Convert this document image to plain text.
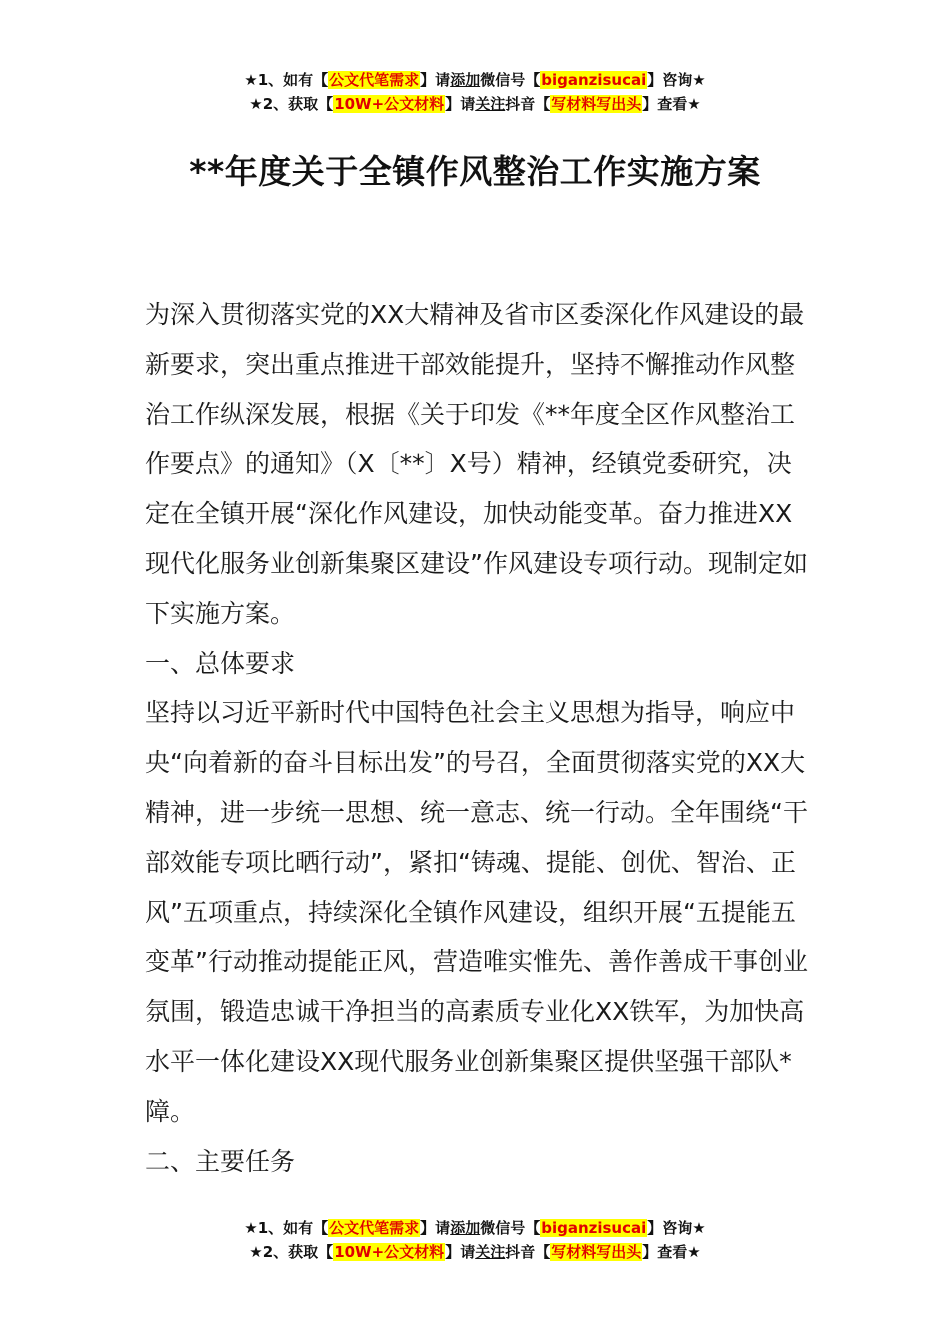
★1、如有【公文代笔需求】请添加微信号【biganzisucai】咨询★
★2、获取【10W+公文材料】请关注抖音【写材料写出头】查看★
**年度关于全镇作风整治工作实施方案

为深入贯彻落实党的XX大精神及省市区委深化作风建设的最新要求，突出重点推进干部效能提升，坚持不懈推动作风整治工作纵深发展，根据《关于印发《**年度全区作风整治工作要点》的通知》（X〔**〕X号）精神，经镇党委研究，决定在全镇开展“深化作风建设，加快动能变革。奋力推进XX现代化服务业创新集聚区建设”作风建设专项行动。现制定如下实施方案。

一、总体要求

坚持以习近平新时代中国特色社会主义思想为指导，响应中央“向着新的奋斗目标出发”的号召，全面贯彻落实党的XX大精神，进一步统一思想、统一意志、统一行动。全年围绕“干部效能专项比晒行动”，紧扣“铸魂、提能、创优、智治、正风”五项重点，持续深化全镇作风建设，组织开展“五提能五变革”行动推动提能正风，营造唯实惟先、善作善成干事创业氛围，锻造忠诚干净担当的高素质专业化XX铁军，为加快高水平一体化建设XX现代服务业创新集聚区提供坚强干部队*障。

二、主要任务

★1、如有【公文代笔需求】请添加微信号【biganzisucai】咨询★
★2、获取【10W+公文材料】请关注抖音【写材料写出头】查看★
